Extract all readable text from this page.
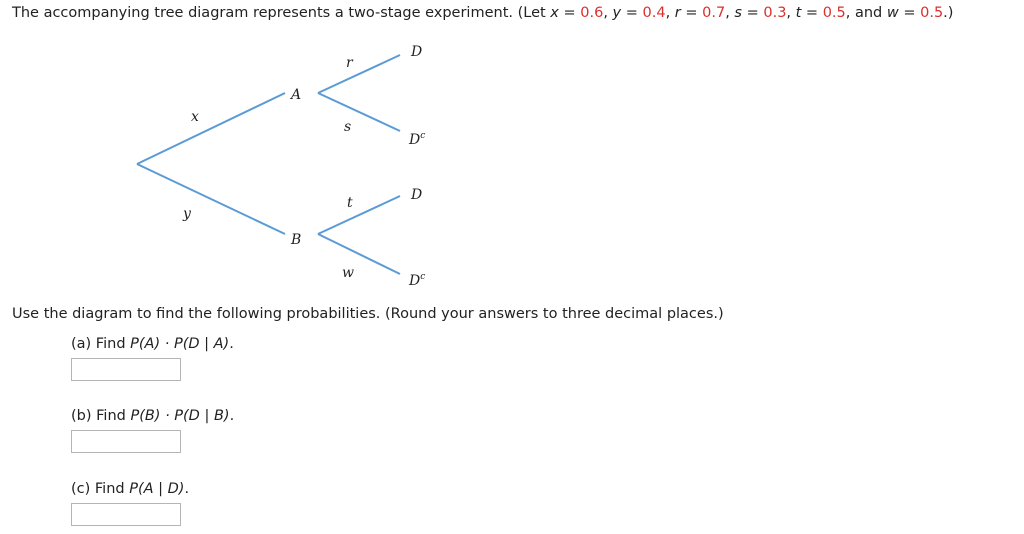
The accompanying tree diagram represents a two-stage experiment. (Let x = 0.6, y = 0.4, r = 0.7, s = 0.3, t = 0.5, and w = 0.5.)
x
y
A
B
r
s
t
w
D
$D^c$
D
$D^c$
Use the diagram to find the following probabilities. (Round your answers to three decimal places.)
(a) Find P(A) · P(D | A).
(b) Find P(B) · P(D | B).
(c) Find P(A | D).
